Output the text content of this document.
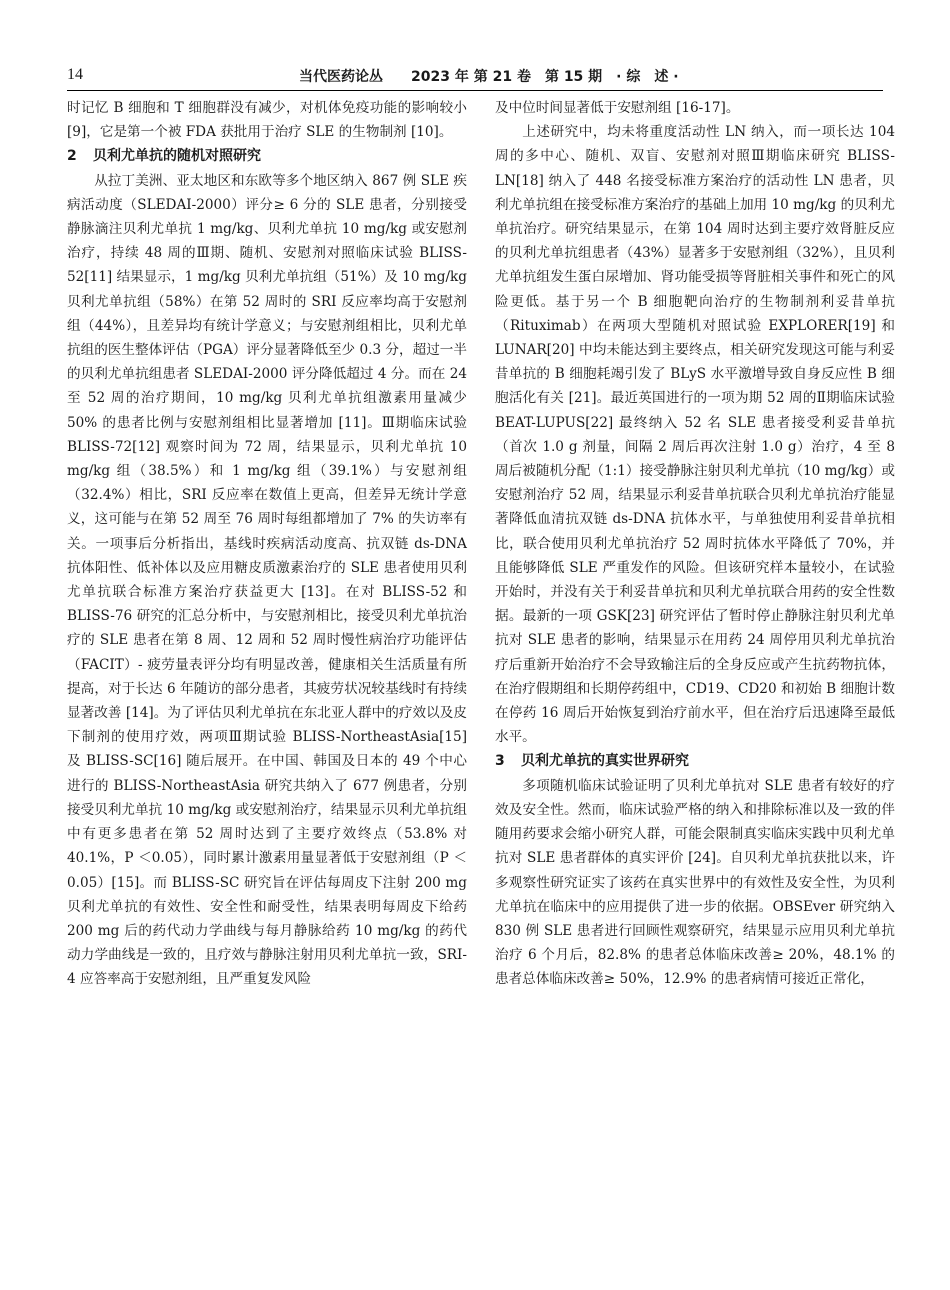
14	当代医药论丛　　2023 年 第 21 卷　第 15 期　· 综　述 ·

时记忆 B 细胞和 T 细胞群没有减少，对机体免疫功能的影响较小 [9]，它是第一个被 FDA 获批用于治疗 SLE 的生物制剂 [10]。

2 贝利尤单抗的随机对照研究

从拉丁美洲、亚太地区和东欧等多个地区纳入 867 例 SLE 疾病活动度（SLEDAI-2000）评分≥ 6 分的 SLE 患者，分别接受静脉滴注贝利尤单抗 1 mg/kg、贝利尤单抗 10 mg/kg 或安慰剂治疗，持续 48 周的Ⅲ期、随机、安慰剂对照临床试验 BLISS-52[11] 结果显示，1 mg/kg 贝利尤单抗组（51%）及 10 mg/kg 贝利尤单抗组（58%）在第 52 周时的 SRI 反应率均高于安慰剂组（44%），且差异均有统计学意义；与安慰剂组相比，贝利尤单抗组的医生整体评估（PGA）评分显著降低至少 0.3 分，超过一半的贝利尤单抗组患者 SLEDAI-2000 评分降低超过 4 分。而在 24 至 52 周的治疗期间，10 mg/kg 贝利尤单抗组激素用量减少 50% 的患者比例与安慰剂组相比显著增加 [11]。Ⅲ期临床试验 BLISS-72[12] 观察时间为 72 周，结果显示，贝利尤单抗 10 mg/kg 组（38.5%）和 1 mg/kg 组（39.1%）与安慰剂组（32.4%）相比，SRI 反应率在数值上更高，但差异无统计学意义，这可能与在第 52 周至 76 周时每组都增加了 7% 的失访率有关。一项事后分析指出，基线时疾病活动度高、抗双链 ds-DNA 抗体阳性、低补体以及应用糖皮质激素治疗的 SLE 患者使用贝利尤单抗联合标准方案治疗获益更大 [13]。在对 BLISS-52 和 BLISS-76 研究的汇总分析中，与安慰剂相比，接受贝利尤单抗治疗的 SLE 患者在第 8 周、12 周和 52 周时慢性病治疗功能评估（FACIT）- 疲劳量表评分均有明显改善，健康相关生活质量有所提高，对于长达 6 年随访的部分患者，其疲劳状况较基线时有持续显著改善 [14]。为了评估贝利尤单抗在东北亚人群中的疗效以及皮下制剂的使用疗效，两项Ⅲ期试验 BLISS-NortheastAsia[15] 及 BLISS-SC[16] 随后展开。在中国、韩国及日本的 49 个中心进行的 BLISS-NortheastAsia 研究共纳入了 677 例患者，分别接受贝利尤单抗 10 mg/kg 或安慰剂治疗，结果显示贝利尤单抗组中有更多患者在第 52 周时达到了主要疗效终点（53.8% 对 40.1%，P ＜0.05），同时累计激素用量显著低于安慰剂组（P ＜0.05）[15]。而 BLISS-SC 研究旨在评估每周皮下注射 200 mg 贝利尤单抗的有效性、安全性和耐受性，结果表明每周皮下给药 200 mg 后的药代动力学曲线与每月静脉给药 10 mg/kg 的药代动力学曲线是一致的，且疗效与静脉注射用贝利尤单抗一致，SRI-4 应答率高于安慰剂组，且严重复发风险

及中位时间显著低于安慰剂组 [16-17]。

上述研究中，均未将重度活动性 LN 纳入，而一项长达 104 周的多中心、随机、双盲、安慰剂对照Ⅲ期临床研究 BLISS-LN[18] 纳入了 448 名接受标准方案治疗的活动性 LN 患者，贝利尤单抗组在接受标准方案治疗的基础上加用 10 mg/kg 的贝利尤单抗治疗。研究结果显示，在第 104 周时达到主要疗效肾脏反应的贝利尤单抗组患者（43%）显著多于安慰剂组（32%），且贝利尤单抗组发生蛋白尿增加、肾功能受损等肾脏相关事件和死亡的风险更低。基于另一个 B 细胞靶向治疗的生物制剂利妥昔单抗（Rituximab）在两项大型随机对照试验 EXPLORER[19] 和 LUNAR[20] 中均未能达到主要终点，相关研究发现这可能与利妥昔单抗的 B 细胞耗竭引发了 BLyS 水平激增导致自身反应性 B 细胞活化有关 [21]。最近英国进行的一项为期 52 周的Ⅱ期临床试验 BEAT-LUPUS[22] 最终纳入 52 名 SLE 患者接受利妥昔单抗（首次 1.0 g 剂量，间隔 2 周后再次注射 1.0 g）治疗，4 至 8 周后被随机分配（1:1）接受静脉注射贝利尤单抗（10 mg/kg）或安慰剂治疗 52 周，结果显示利妥昔单抗联合贝利尤单抗治疗能显著降低血清抗双链 ds-DNA 抗体水平，与单独使用利妥昔单抗相比，联合使用贝利尤单抗治疗 52 周时抗体水平降低了 70%，并且能够降低 SLE 严重发作的风险。但该研究样本量较小，在试验开始时，并没有关于利妥昔单抗和贝利尤单抗联合用药的安全性数据。最新的一项 GSK[23] 研究评估了暂时停止静脉注射贝利尤单抗对 SLE 患者的影响，结果显示在用药 24 周停用贝利尤单抗治疗后重新开始治疗不会导致输注后的全身反应或产生抗药物抗体，在治疗假期组和长期停药组中，CD19、CD20 和初始 B 细胞计数在停药 16 周后开始恢复到治疗前水平，但在治疗后迅速降至最低水平。

3 贝利尤单抗的真实世界研究

多项随机临床试验证明了贝利尤单抗对 SLE 患者有较好的疗效及安全性。然而，临床试验严格的纳入和排除标准以及一致的伴随用药要求会缩小研究人群，可能会限制真实临床实践中贝利尤单抗对 SLE 患者群体的真实评价 [24]。自贝利尤单抗获批以来，许多观察性研究证实了该药在真实世界中的有效性及安全性，为贝利尤单抗在临床中的应用提供了进一步的依据。OBSEver 研究纳入 830 例 SLE 患者进行回顾性观察研究，结果显示应用贝利尤单抗治疗 6 个月后，82.8% 的患者总体临床改善≥ 20%，48.1% 的患者总体临床改善≥ 50%，12.9% 的患者病情可接近正常化，
